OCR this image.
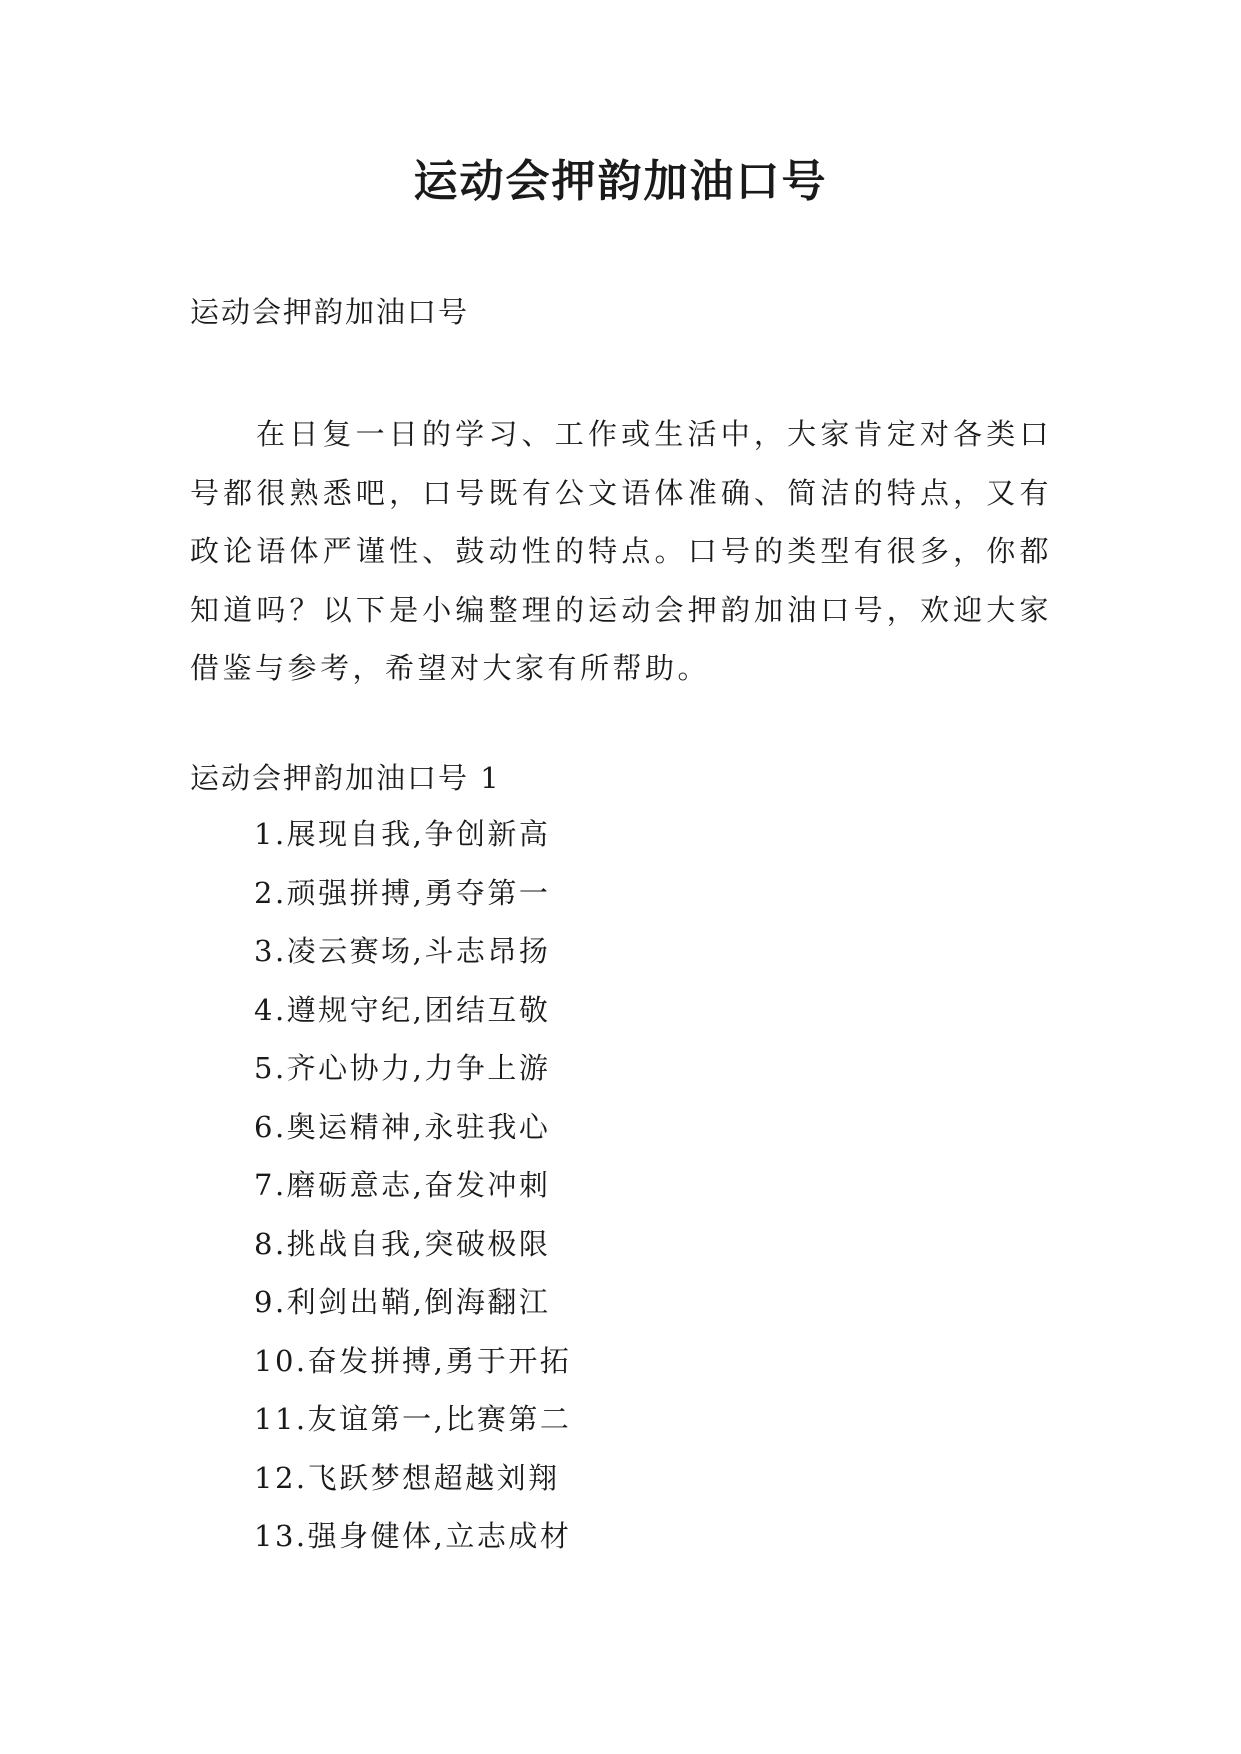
运动会押韵加油口号

运动会押韵加油口号

在日复一日的学习、工作或生活中，大家肯定对各类口号都很熟悉吧，口号既有公文语体准确、简洁的特点，又有政论语体严谨性、鼓动性的特点。口号的类型有很多，你都知道吗？以下是小编整理的运动会押韵加油口号，欢迎大家借鉴与参考，希望对大家有所帮助。

运动会押韵加油口号 1

1.展现自我,争创新高
2.顽强拼搏,勇夺第一
3.凌云赛场,斗志昂扬
4.遵规守纪,团结互敬
5.齐心协力,力争上游
6.奥运精神,永驻我心
7.磨砺意志,奋发冲刺
8.挑战自我,突破极限
9.利剑出鞘,倒海翻江
10.奋发拼搏,勇于开拓
11.友谊第一,比赛第二
12.飞跃梦想超越刘翔
13.强身健体,立志成材
